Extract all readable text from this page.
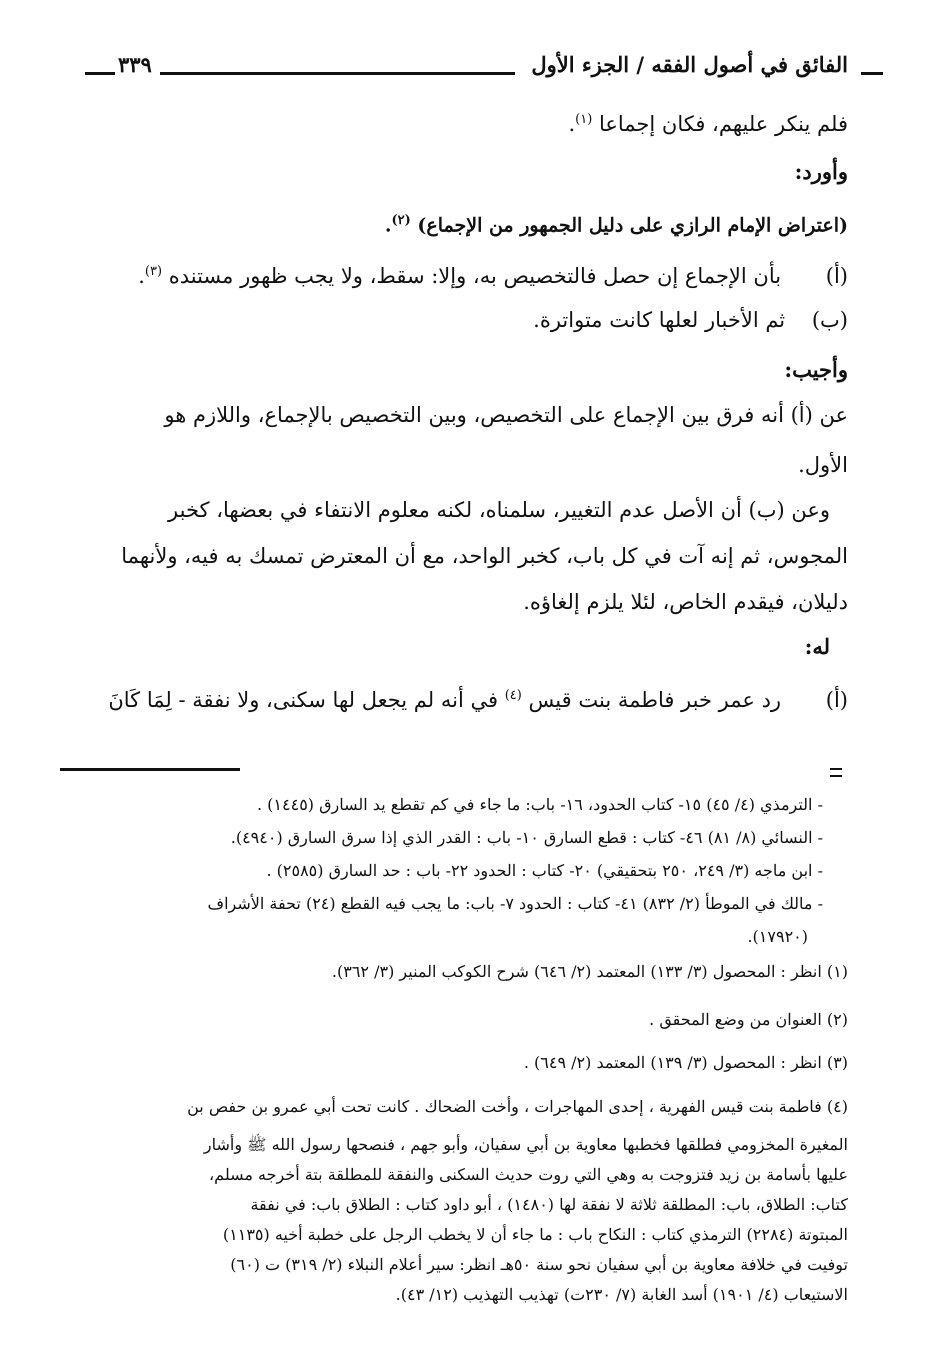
الفائق في أصول الفقه / الجزء الأول
٣٣٩
فلم ينكر عليهم، فكان إجماعا $^{(١)}$.
وأورد:
(اعتراض الإمام الرازي على دليل الجمهور من الإجماع) $^{(٢)}$.
(أ) بأن الإجماع إن حصل فالتخصيص به، وإلا: سقط، ولا يجب ظهور مستنده $^{(٣)}$.
(ب) ثم الأخبار لعلها كانت متواترة.
وأجيب:
عن (أ) أنه فرق بين الإجماع على التخصيص، وبين التخصيص بالإجماع، واللازم هو
الأول.
وعن (ب) أن الأصل عدم التغيير، سلمناه، لكنه معلوم الانتفاء في بعضها، كخبر
المجوس، ثم إنه آت في كل باب، كخبر الواحد، مع أن المعترض تمسك به فيه، ولأنهما
دليلان، فيقدم الخاص، لئلا يلزم إلغاؤه.
له:
(أ) رد عمر خبر فاطمة بنت قيس $^{(٤)}$ في أنه لم يجعل لها سكنى، ولا نفقة - لِمَا كَانَ
- الترمذي (٤/ ٤٥) ١٥- كتاب الحدود، ١٦- باب: ما جاء في كم تقطع يد السارق (١٤٤٥) .
- النسائي (٨/ ٨١) ٤٦- كتاب : قطع السارق ١٠- باب : القدر الذي إذا سرق السارق (٤٩٤٠).
- ابن ماجه (٣/ ٢٤٩، ٢٥٠ بتحقيقي) ٢٠- كتاب : الحدود ٢٢- باب : حد السارق (٢٥٨٥) .
- مالك في الموطأ (٢/ ٨٣٢) ٤١- كتاب : الحدود ٧- باب: ما يجب فيه القطع (٢٤) تحفة الأشراف
(١٧٩٢٠).
(١) انظر : المحصول (٣/ ١٣٣) المعتمد (٢/ ٦٤٦) شرح الكوكب المنير (٣/ ٣٦٢).
(٢) العنوان من وضع المحقق .
(٣) انظر : المحصول (٣/ ١٣٩) المعتمد (٢/ ٦٤٩) .
(٤) فاطمة بنت قيس الفهرية ، إحدى المهاجرات ، وأخت الضحاك . كانت تحت أبي عمرو بن حفص بن
المغيرة المخزومي فطلقها فخطبها معاوية بن أبي سفيان، وأبو جهم ، فنصحها رسول الله ﷺ وأشار
عليها بأسامة بن زيد فتزوجت به وهي التي روت حديث السكنى والنفقة للمطلقة بتة أخرجه مسلم،
كتاب: الطلاق، باب: المطلقة ثلاثة لا نفقة لها (١٤٨٠) ، أبو داود كتاب : الطلاق باب: في نفقة
المبتوتة (٢٢٨٤) الترمذي كتاب : النكاح باب : ما جاء أن لا يخطب الرجل على خطبة أخيه (١١٣٥)
توفيت في خلافة معاوية بن أبي سفيان نحو سنة ٥٠هـ انظر: سير أعلام النبلاء (٢/ ٣١٩) ت (٦٠)
الاستيعاب (٤/ ١٩٠١) أسد الغابة (٧/ ٢٣٠ت) تهذيب التهذيب (١٢/ ٤٣).
